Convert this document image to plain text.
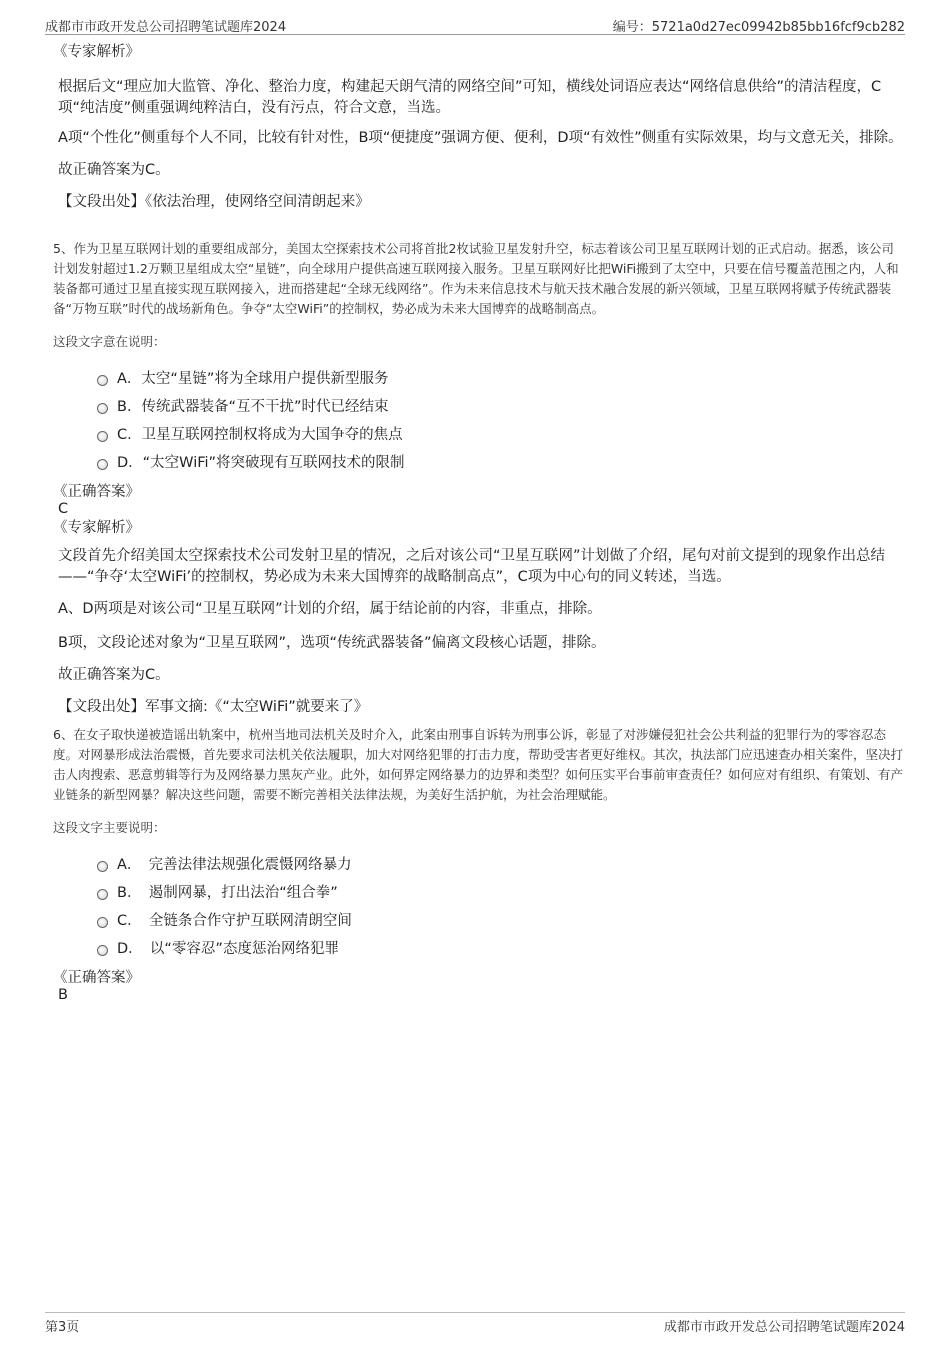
成都市市政开发总公司招聘笔试题库2024	编号：5721a0d27ec09942b85bb16fcf9cb282
《专家解析》

根据后文“理应加大监管、净化、整治力度，构建起天朗气清的网络空间”可知，横线处词语应表达“网络信息供给”的清洁程度，C项“纯洁度”侧重强调纯粹洁白，没有污点，符合文意，当选。

A项“个性化”侧重每个人不同，比较有针对性，B项“便捷度”强调方便、便利，D项“有效性”侧重有实际效果，均与文意无关，排除。

故正确答案为C。

【文段出处】《依法治理，使网络空间清朗起来》

5、作为卫星互联网计划的重要组成部分，美国太空探索技术公司将首批2枚试验卫星发射升空，标志着该公司卫星互联网计划的正式启动。据悉，该公司计划发射超过1.2万颗卫星组成太空“星链”，向全球用户提供高速互联网接入服务。卫星互联网好比把WiFi搬到了太空中，只要在信号覆盖范围之内，人和装备都可通过卫星直接实现互联网接入，进而搭建起“全球无线网络”。作为未来信息技术与航天技术融合发展的新兴领域，卫星互联网将赋予传统武器装备“万物互联”时代的战场新角色。争夺“太空WiFi”的控制权，势必成为未来大国博弈的战略制高点。

这段文字意在说明：
A．太空“星链”将为全球用户提供新型服务
B．传统武器装备“互不干扰”时代已经结束
C．卫星互联网控制权将成为大国争夺的焦点
D．“太空WiFi”将突破现有互联网技术的限制
《正确答案》
C
《专家解析》

文段首先介绍美国太空探索技术公司发射卫星的情况，之后对该公司“卫星互联网”计划做了介绍，尾句对前文提到的现象作出总结——“争夺‘太空WiFi’的控制权，势必成为未来大国博弈的战略制高点”，C项为中心句的同义转述，当选。

A、D两项是对该公司“卫星互联网”计划的介绍，属于结论前的内容，非重点，排除。

B项，文段论述对象为“卫星互联网”，选项“传统武器装备”偏离文段核心话题，排除。

故正确答案为C。

【文段出处】军事文摘:《“太空WiFi”就要来了》

6、在女子取快递被造谣出轨案中，杭州当地司法机关及时介入，此案由刑事自诉转为刑事公诉，彰显了对涉嫌侵犯社会公共利益的犯罪行为的零容忍态度。对网暴形成法治震慑，首先要求司法机关依法履职，加大对网络犯罪的打击力度，帮助受害者更好维权。其次，执法部门应迅速查办相关案件，坚决打击人肉搜索、恶意剪辑等行为及网络暴力黑灰产业。此外，如何界定网络暴力的边界和类型？如何压实平台事前审查责任？如何应对有组织、有策划、有产业链条的新型网暴？解决这些问题，需要不断完善相关法律法规，为美好生活护航，为社会治理赋能。

这段文字主要说明：
A．　完善法律法规强化震慑网络暴力
B．　遏制网暴，打出法治“组合拳”
C．　全链条合作守护互联网清朗空间
D．　以“零容忍”态度惩治网络犯罪
《正确答案》
B
第3页	成都市市政开发总公司招聘笔试题库2024
